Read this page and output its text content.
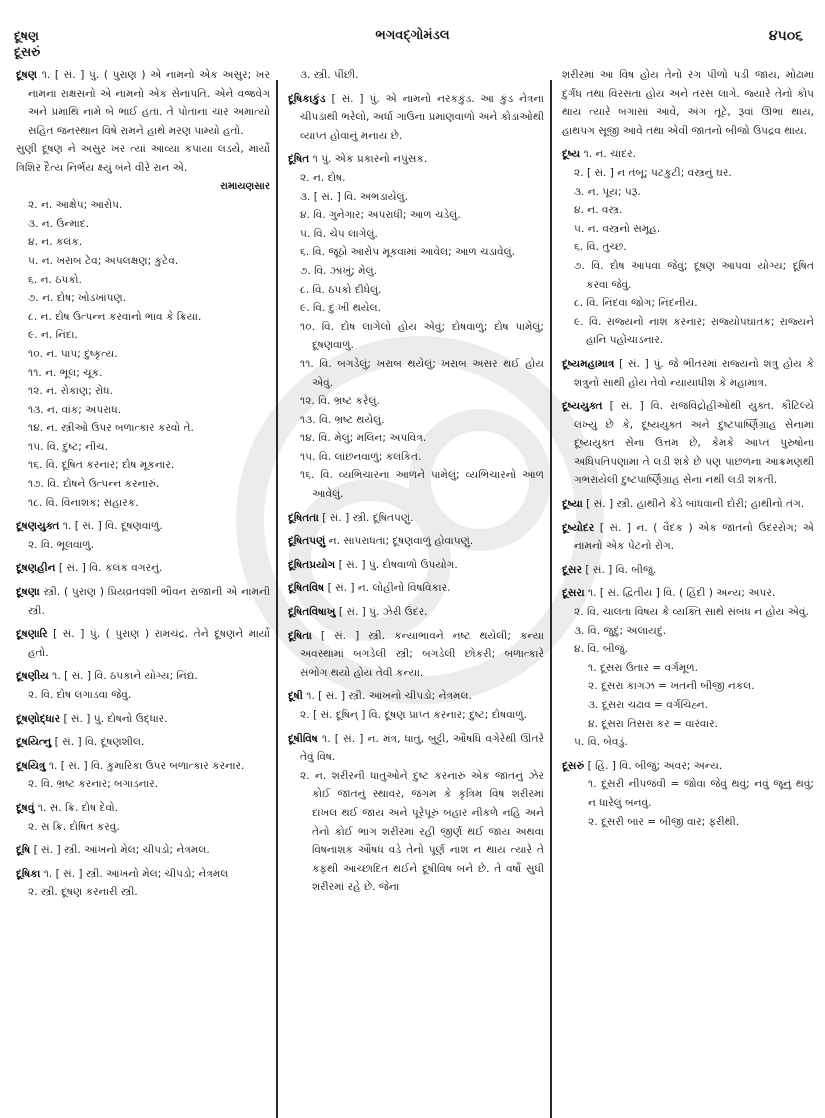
દૂષણ
દૂસરું
ભગવદ્ગોમંડલ	૪૫૦૬

દૂષણ ૧. [ સં. ] પું. ( પુરાણ ) એ નામનો એક અસુર; ખર નામના રાક્ષસનો એ નામનો એક સેનાપતિ. એને વજ્રવેગ અને પ્રમાથિ નામે બે ભાઈ હતા. તે પોતાના ચાર અમાત્યો સહિત જનસ્થાન વિષે રામને હાથે મરણ પામ્યો હતો.

સુણી દૂષણ ને અસુર ખર ત્યાં આવ્યા કપાયા લડયે, માર્યો ત્રિશિર દૈત્ય નિર્ભય ક્ષ્યું બંને વીરે રાન એ.

રામાયણસાર

૨. ન. આક્ષેપ; આરોપ.

૩. ન. ઉન્માદ.

૪. ન. કલંક.

૫. ન. ખરાબ ટેવ; અપલક્ષણ; કુટેવ.

૬. ન. ઠપકો.

૭. ન. દોષ; ખોડખાંપણ.

૮. ન. દોષ ઉત્પન્ન કરવાનો ભાવ કે ક્રિયા.

૯. ન. નિંદા.

૧૦. ન. પાપ; દુષ્કૃત્ય.

૧૧. ન. ભૂલ; ચૂક.

૧૨. ન. રોકાણ; રોધ.

૧૩. ન. વાંક; અપરાધ.

૧૪. ન. સ્ત્રીઓ ઉપર બળાત્કાર કરવો તે.

૧૫. વિ. દુષ્ટ; નીચ.

૧૬. વિ. દૂષિત કરનાર; દોષ મૂકનાર.

૧૭. વિ. દોષને ઉત્પન્ન કરનારું.

૧૮. વિ. વિનાશક; સંહારક.

દૂષણયુક્ત ૧. [ સં. ] વિ. દૂષણવાળું.

૨. વિ. ભૂલવાળું.

દૂષણહીન [ સં. ] વિ. કલંક વગરનું.

દૂષણા સ્ત્રી. ( પુરાણ ) પ્રિયવ્રતવંશી ભૌવન રાજાની એ નામની સ્ત્રી.

દૂષણારિ [ સં. ] પું. ( પુરાણ ) રામચંદ્ર. તેને દૂષણને માર્યો હતો.

દૂષણીય ૧. [ સં. ] વિ. ઠપકાને યોગ્ય; નિંદ્ય.

૨. વિ. દોષ લગાડવા જેવું.

દૂષણોદ્ધાર [ સં. ] પું. દોષનો ઉદ્ધાર.

દૂષયિત્નુ [ સં. ] વિ. દૂષણશીલ.

દૂષયિત્રુ ૧. [ સં. ] વિ. કુમારિકા ઉપર બળાત્કાર કરનાર.

૨. વિ. ભ્રષ્ટ કરનાર; બગાડનાર.

દૂષવું ૧. સ. ક્રિ. દોષ દેવો.

૨. સ ક્રિ. દોષિત કરવું.

દૂષિ [ સં. ] સ્ત્રી. આંખનો મેલ; ચીપડો; નેત્રમલ.

દૂષિકા ૧. [ સં. ] સ્ત્રી. આંખનો મેલ; ચીપડો; નેત્રમલ

૨. સ્ત્રી. દૂષણ કરનારી સ્ત્રી.

૩. સ્ત્રી. પીંછી.

દૂષિકાકુંડ [ સં. ] પું. એ નામનો નરકકુંડ. આ કુંડ નેત્રના ચીપડાથી ભરેલો, અર્ધા ગાઉના પ્રમાણવાળો અને કોડાઓથી વ્યાપ્ત હોવાનું મનાય છે.

દૂષિત ૧ પું. એક પ્રકારનો નપુંસક.

૨. ન. દોષ.

૩. [ સં. ] વિ. અભડાયેલું.

૪. વિ. ગુનેગાર; અપરાધી; આળ ચડેલું.

૫. વિ. ચેપ લાગેલું.

૬. વિ. જૂઠો આરોપ મૂકવામાં આવેલ; આળ ચડાવેલું.

૭. વિ. ઝાંખું; મેલું.

૮. વિ. ઠપકો દીધેલું.

૯. વિ. દુઃખી થયેલ.

૧૦. વિ. દોષ લાગેલો હોય એવું; દોષવાળું; દોષ પામેલું; દૂષણવાળું.

૧૧. વિ. બગડેલું; ખરાબ થયેલું; ખરાબ અસર થઈ હોય એવું.

૧૨. વિ. ભ્રષ્ટ કરેલું.

૧૩. વિ. ભ્રષ્ટ થયેલું.

૧૪. વિ. મેલું; મલિન; અપવિત્ર.

૧૫. વિ. લાંછનવાળું; કલંકિત.

૧૬. વિ. વ્યભિચારના આળને પામેલું; વ્યભિચારનો આળ આવેલું.

દૂષિતતા [ સં. ] સ્ત્રી. દૂષિતપણું.

દૂષિતપણું ન. સાપરાધતા; દૂષણવાળું હોવાપણું.

દૂષિતપ્રયોગ [ સં. ] પું. દોષવાળો ઉપયોગ.

દૂષિતવિષ [ સં. ] ન. લોહીનો વિષવિકાર.

દૂષિતવિષાખુ [ સં. ] પું. ઝેરી ઉંદર.

દૂષિતા [ સં. ] સ્ત્રી. કન્યાભાવને નષ્ટ થયેલી; કન્યા અવસ્થામાં બગડેલી સ્ત્રી; બગડેલી છોકરી; બળાત્કારે સંભોગ થયો હોય તેવી કન્યા.

દૂષી ૧. [ સં. ] સ્ત્રી. આંખનો ચીપડો; નેત્રમલ.

૨. [ સં. દૂષિન્ ] વિ. દૂષણ પ્રાપ્ત કરનાર; દુષ્ટ; દોષવાળું.

દૂષીવિષ ૧. [ સં. ] ન. મંત્ર, ધાતુ, બુટ્ટી, ઔષધિ વગેરેથી ઊતરે તેવું વિષ.

૨. ન. શરીરની ધાતુઓને દુષ્ટ કરનારું એક જાતનું ઝેર કોઈ જાતનું સ્થાવર, જંગમ કે કૃત્રિમ વિષ શરીરમાં દાખલ થઈ જાય અને પૂરેપૂરું બહાર નીકળે નહિ અને તેનો કોઈ ભાગ શરીરમાં રહી જીર્ણ થઈ જાય અથવા વિષનાશક ઔષધ વડે તેનો પૂર્ણ નાશ ન થાય ત્યારે તે કફથી આચ્છાદિત થઈને દૂષીવિષ બને છે. તે વર્ષો સુધી શરીરમાં રહે છે. જેના

શરીરમાં આ વિષ હોય તેનો રંગ પીળો પડી જાય, મોઢામાં દુર્ગંધ તથા વિરસતા હોય અને તરસ લાગે. જ્યારે તેનો કોપ થાય ત્યારે બગાસાં આવે, અંગ તૂટે, રૂવાં ઊભાં થાય, હાથપગ સૂજી આવે તથા એવી જાતનો બીજો ઉપદ્રવ થાય.

દૂષ્ય ૧. ન. ચાદર.

૨. [ સં. ] ન તંબૂ; પટકુટી; વસ્ત્રનું ઘર.

૩. ન. પૂય; પરૂ.

૪. ન. વસ્ત્ર.

૫. ન. વસ્ત્રનો સમૂહ.

૬. વિ. તુચ્છ.

૭. વિ. દોષ આપવા જેવું; દૂષણ આપવા યોગ્ય; દૂષિત કરવા જેવું.

૮. વિ. નિંદવા જોગ; નિંદનીય.

૯. વિ. રાજ્યનો નાશ કરનાર; રાજ્યોપઘાતક; રાજ્યને હાનિ પહોંચાડનાર.

દૂષ્યમહામાત્ર [ સં. ] પું. જે ભીતરમાં રાજ્યનો શત્રુ હોય કે શત્રુનો સાથી હોય તેવો ન્યાયાધીશ કે મહામાત્ર.

દૂષ્યયુક્ત [ સં. ] વિ. રાજવિદ્રોહીઓથી યુક્ત. કૌટિલ્યે લખ્યું છે કે, દૂષ્યયુક્ત અને દુષ્ટપાર્ષ્ણિગ્રાહ સેનામાં દૂષ્યયુક્ત સેના ઉત્તમ છે, કેમકે આપ્ત પુરુષોના અધિપતિપણામાં તે લડી શકે છે પણ પાછળના આક્રમણથી ગભરાયેલી દુષ્ટપાર્ષ્ણિગ્રાહ સેના નથી લડી શકતી.

દૂષ્યા [ સં. ] સ્ત્રી. હાથીને કેડે બાંધવાની દોરી; હાથીનો તંગ.

દૂષ્યોદર [ સં. ] ન. ( વૈદક ) એક જાતનો ઉદરરોગ; એ નામનો એક પેટનો રોગ.

દૂસર [ સં. ] વિ. બીજું.

દૂસરા ૧. [ સં. દ્વિતીય ] વિ. ( હિંદી ) અન્ય; અપર.

૨. વિ. ચાલતા વિષય કે વ્યક્તિ સાથે સંબંધ ન હોય એવું.

૩. વિ. જુદું; અલાયદું.

૪. વિ. બીજું.

૧. દૂસરા ઉતાર = વર્ગમૂળ.

૨. દૂસરા કાગઝ = ખતની બીજી નકલ.

૩. દૂસરા ચઢાવ = વર્ગચિહ્ન.

૪. દૂસરા તિસરા કર = વારંવાર.

૫. વિ. બેવડું.

દૂસરું [ હિં. ] વિ. બીજું; અવર; અન્ય.

૧. દૂસરી નીપજવી = જોવા જેવું થવું; નવું જૂનું થવું; ન ધારેલું બનવું.

૨. દૂસરી બાર = બીજી વાર; ફરીથી.
